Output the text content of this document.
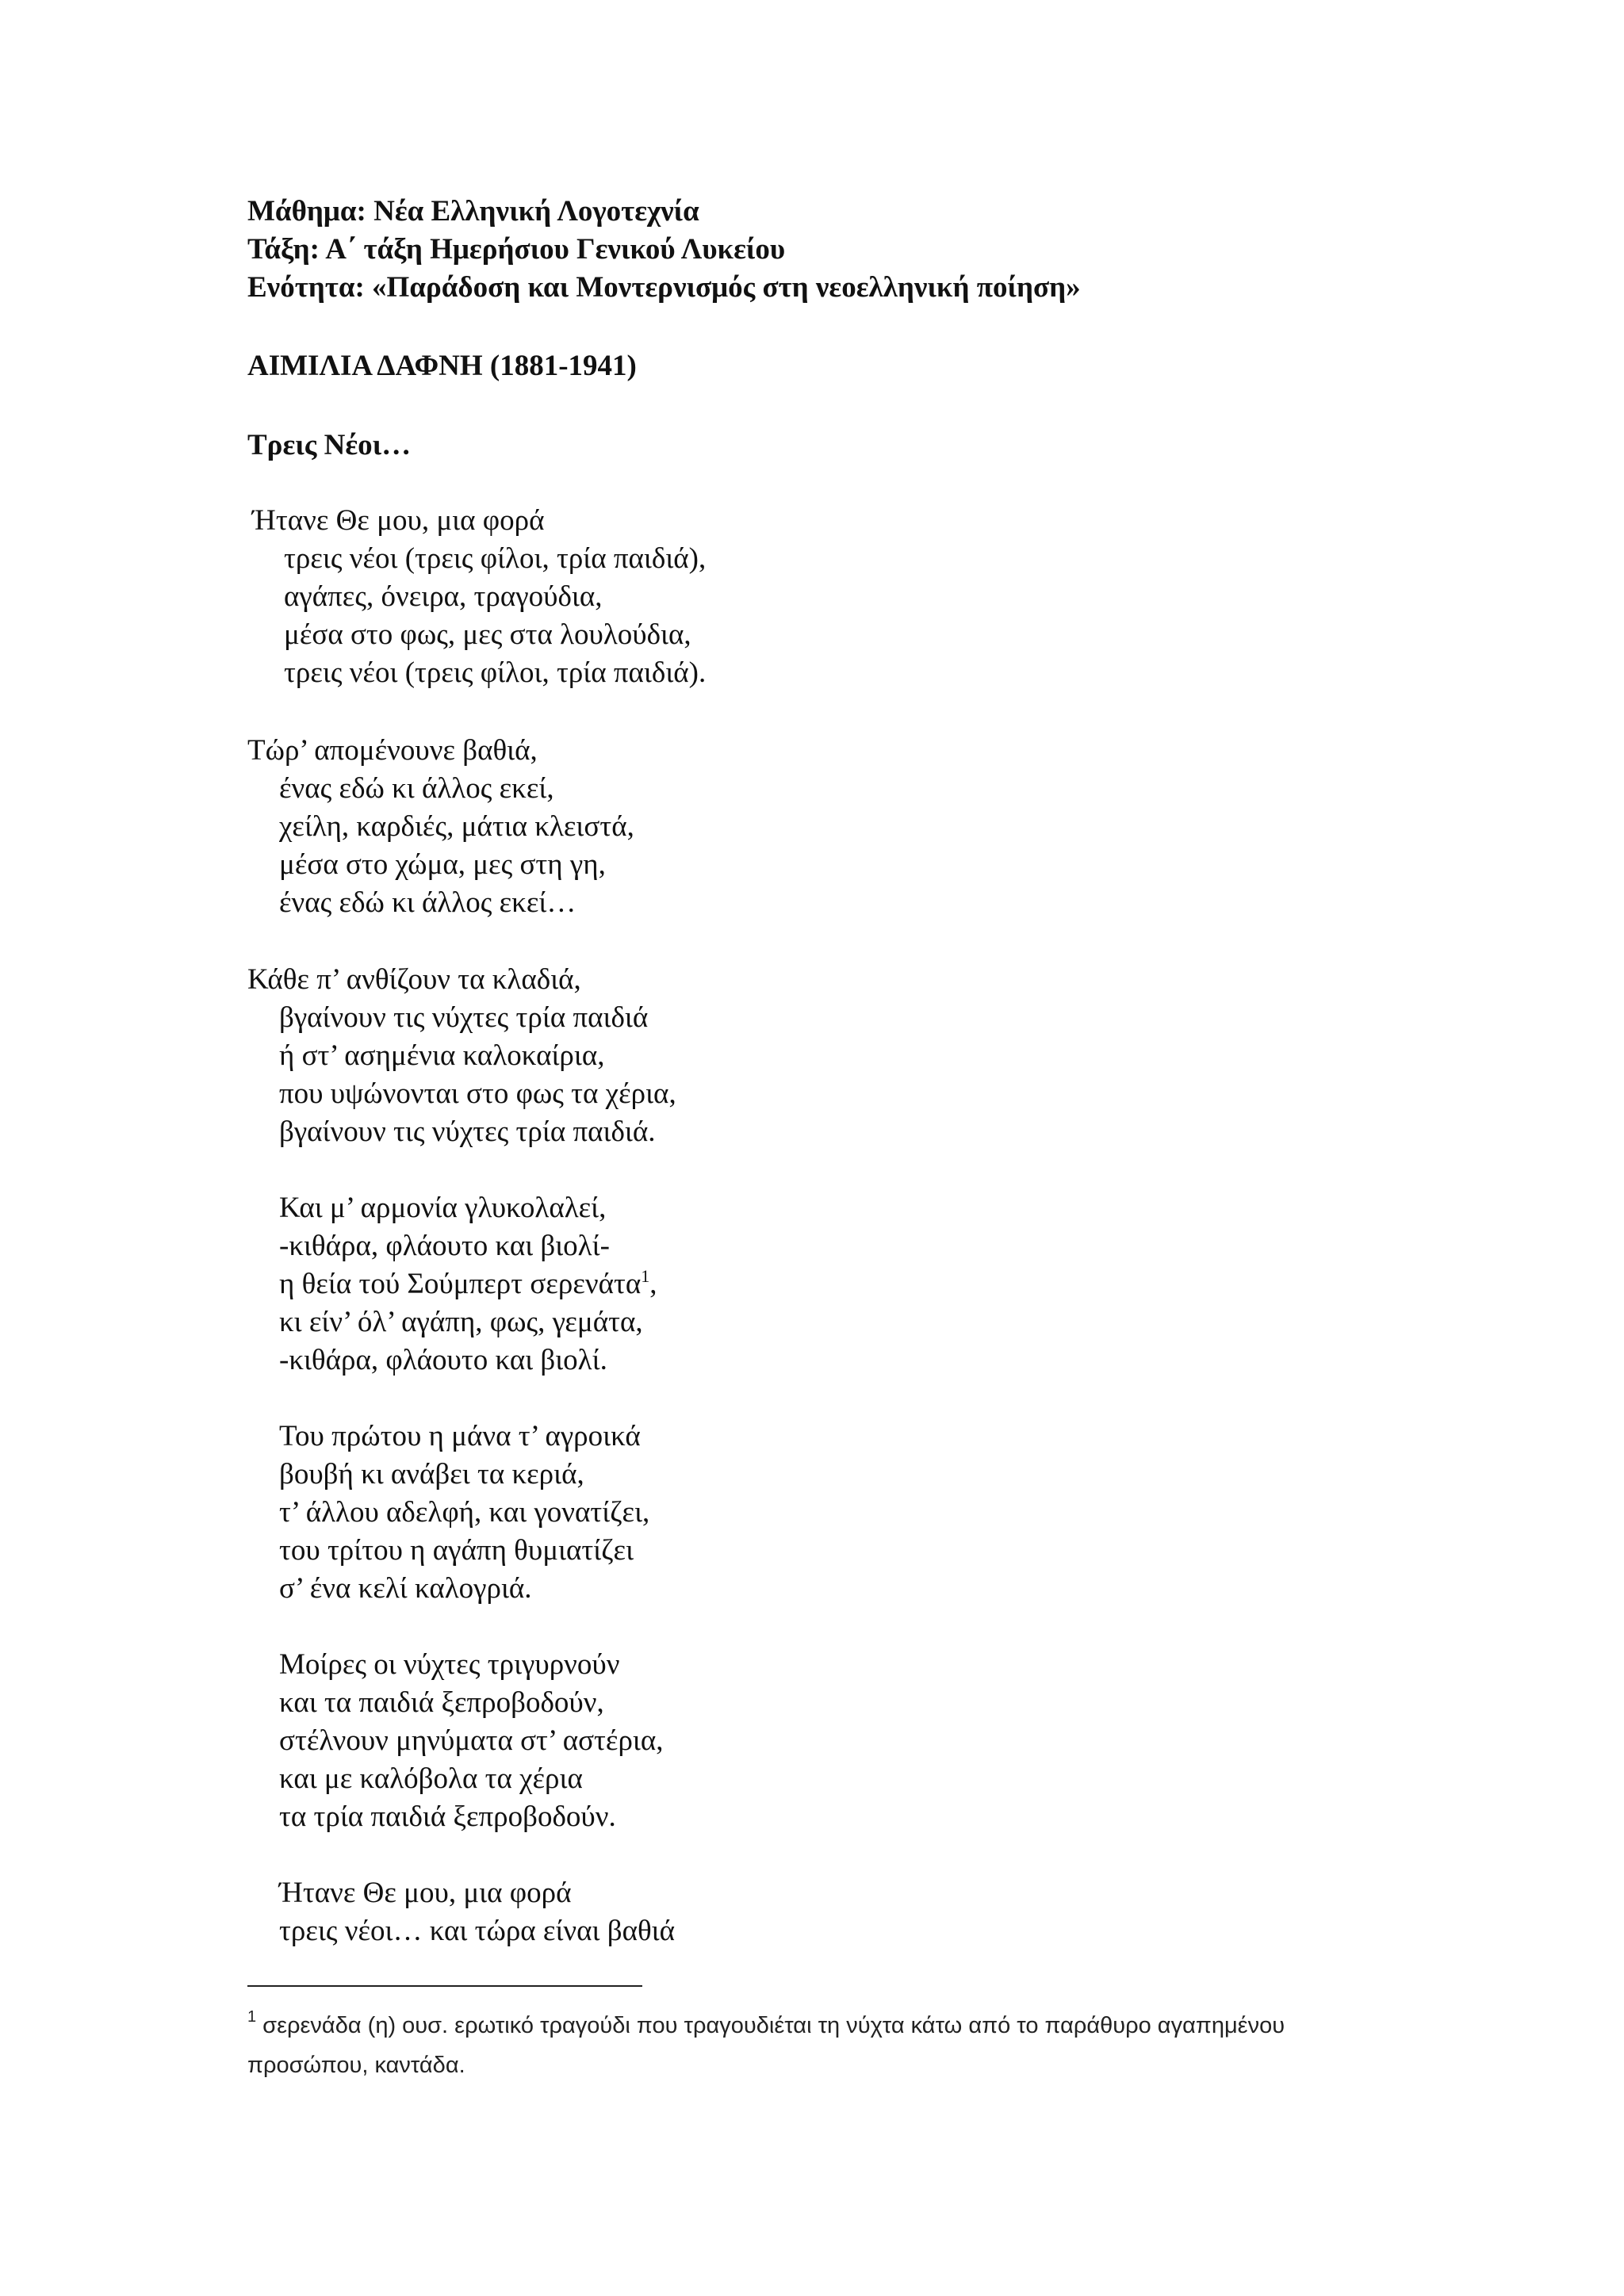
Μάθημα: Νέα Ελληνική Λογοτεχνία
Τάξη: Α΄ τάξη Ημερήσιου Γενικού Λυκείου
Ενότητα: «Παράδοση και Μοντερνισμός στη νεοελληνική ποίηση»
ΑΙΜΙΛΙΑ ΔΑΦΝΗ (1881-1941)
Τρεις Νέοι…
Ήτανε Θε μου, μια φορά
τρεις νέοι (τρεις φίλοι, τρία παιδιά),
αγάπες, όνειρα, τραγούδια,
μέσα στο φως, μες στα λουλούδια,
τρεις νέοι (τρεις φίλοι, τρία παιδιά).
Τώρ’ απομένουνε βαθιά,
ένας εδώ κι άλλος εκεί,
χείλη, καρδιές, μάτια κλειστά,
μέσα στο χώμα, μες στη γη,
ένας εδώ κι άλλος εκεί…
Κάθε π’ ανθίζουν τα κλαδιά,
βγαίνουν τις νύχτες τρία παιδιά
ή στ’ ασημένια καλοκαίρια,
που υψώνονται στο φως τα χέρια,
βγαίνουν τις νύχτες τρία παιδιά.
Και μ’ αρμονία γλυκολαλεί,
-κιθάρα, φλάουτο και βιολί-
η θεία τού Σούμπερτ σερενάτα$^1$,
κι είν’ όλ’ αγάπη, φως, γεμάτα,
-κιθάρα, φλάουτο και βιολί.
Του πρώτου η μάνα τ’ αγροικά
βουβή κι ανάβει τα κεριά,
τ’ άλλου αδελφή, και γονατίζει,
του τρίτου η αγάπη θυμιατίζει
σ’ ένα κελί καλογριά.
Μοίρες οι νύχτες τριγυρνούν
και τα παιδιά ξεπροβοδούν,
στέλνουν μηνύματα στ’ αστέρια,
και με καλόβολα τα χέρια
τα τρία παιδιά ξεπροβοδούν.
Ήτανε Θε μου, μια φορά
τρεις νέοι… και τώρα είναι βαθιά
$^1$ σερενάδα (η) ουσ. ερωτικό τραγούδι που τραγουδιέται τη νύχτα κάτω από το παράθυρο αγαπημένου προσώπου, καντάδα.
